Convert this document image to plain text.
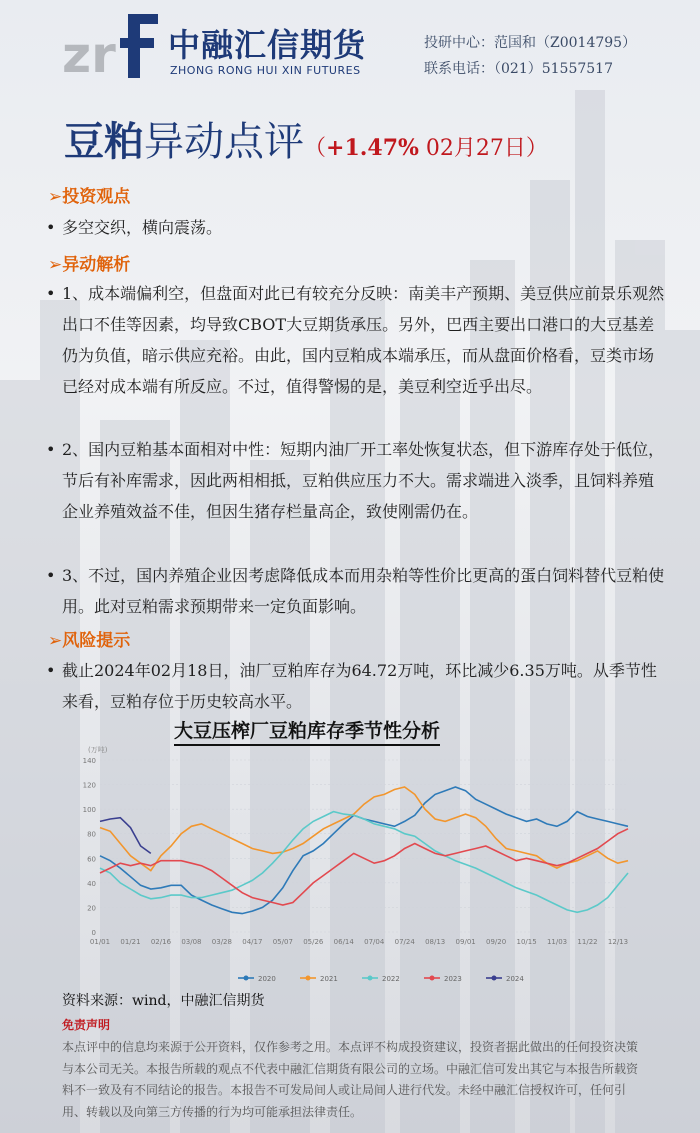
zr 中融汇信期货
ZHONG RONG HUI XIN FUTURES
投研中心：范国和（Z0014795）
联系电话：（021）51557517
豆粕异动点评（+1.47% 02月27日）
➢投资观点
• 多空交织，横向震荡。
➢异动解析
• 1、成本端偏利空，但盘面对此已有较充分反映：南美丰产预期、美豆供应前景乐观然出口不佳等因素，均导致CBOT大豆期货承压。另外，巴西主要出口港口的大豆基差仍为负值，暗示供应充裕。由此，国内豆粕成本端承压，而从盘面价格看，豆类市场已经对成本端有所反应。不过，值得警惕的是，美豆利空近乎出尽。
• 2、国内豆粕基本面相对中性：短期内油厂开工率处恢复状态，但下游库存处于低位，节后有补库需求，因此两相相抵，豆粕供应压力不大。需求端进入淡季，且饲料养殖企业养殖效益不佳，但因生猪存栏量高企，致使刚需仍在。
• 3、不过，国内养殖企业因考虑降低成本而用杂粕等性价比更高的蛋白饲料替代豆粕使用。此对豆粕需求预期带来一定负面影响。
➢风险提示
• 截止2024年02月18日，油厂豆粕库存为64.72万吨，环比减少6.35万吨。从季节性来看，豆粕存位于历史较高水平。
大豆压榨厂豆粕库存季节性分析
(万吨)
0
20
40
60
80
100
120
140
01/01 01/21 02/16 03/08 03/28 04/17 05/07 05/26 06/14 07/04 07/24 08/13 09/01 09/20 10/15 11/03 11/22 12/13
2020	2021	2022	2023	2024
资料来源：wind，中融汇信期货
免责声明
本点评中的信息均来源于公开资料，仅作参考之用。本点评不构成投资建议，投资者据此做出的任何投资决策与本公司无关。本报告所载的观点不代表中融汇信期货有限公司的立场。中融汇信可发出其它与本报告所载资料不一致及有不同结论的报告。本报告不可发局间人或让局间人进行代发。未经中融汇信授权许可，任何引用、转载以及向第三方传播的行为均可能承担法律责任。
